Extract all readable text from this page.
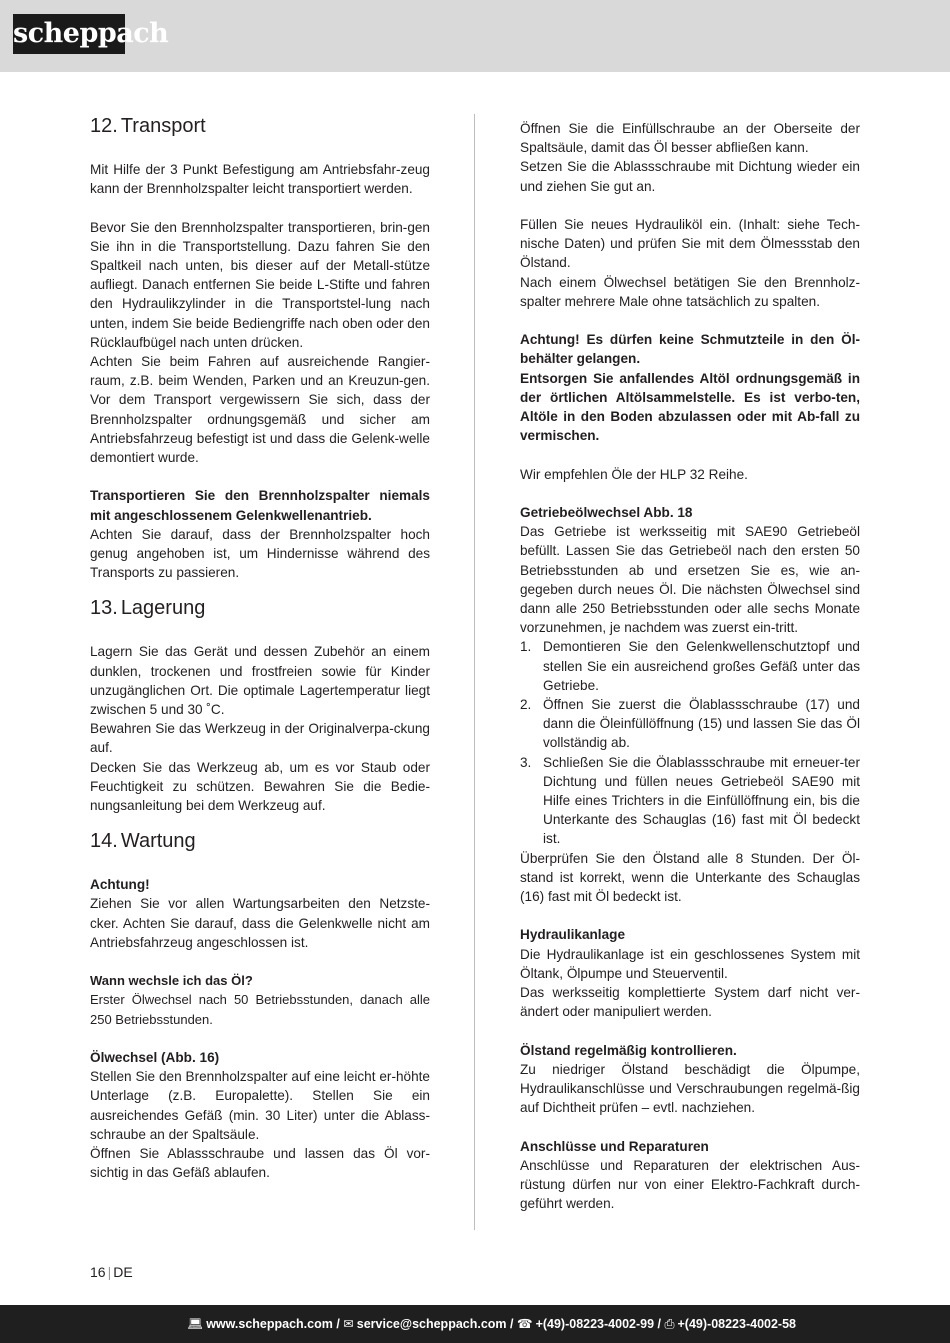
scheppach
12. Transport

Mit Hilfe der 3 Punkt Befestigung am Antriebsfahr-zeug kann der Brennholzspalter leicht transportiert werden.

Bevor Sie den Brennholzspalter transportieren, brin-gen Sie ihn in die Transportstellung. Dazu fahren Sie den Spaltkeil nach unten, bis dieser auf der Metall-stütze aufliegt. Danach entfernen Sie beide L-Stifte und fahren den Hydraulikzylinder in die Transportstel-lung nach unten, indem Sie beide Bediengriffe nach oben oder den Rücklaufbügel nach unten drücken.

Achten Sie beim Fahren auf ausreichende Rangier-raum, z.B. beim Wenden, Parken und an Kreuzun-gen. Vor dem Transport vergewissern Sie sich, dass der Brennholzspalter ordnungsgemäß und sicher am Antriebsfahrzeug befestigt ist und dass die Gelenk-welle demontiert wurde.

Transportieren Sie den Brennholzspalter niemals mit angeschlossenem Gelenkwellenantrieb.

Achten Sie darauf, dass der Brennholzspalter hoch genug angehoben ist, um Hindernisse während des Transports zu passieren.

13. Lagerung

Lagern Sie das Gerät und dessen Zubehör an einem dunklen, trockenen und frostfreien sowie für Kinder unzugänglichen Ort. Die optimale Lagertemperatur liegt zwischen 5 und 30 ˚C.

Bewahren Sie das Werkzeug in der Originalverpa-ckung auf.

Decken Sie das Werkzeug ab, um es vor Staub oder Feuchtigkeit zu schützen. Bewahren Sie die Bedie-nungsanleitung bei dem Werkzeug auf.

14. Wartung

Achtung!

Ziehen Sie vor allen Wartungsarbeiten den Netzste-cker. Achten Sie darauf, dass die Gelenkwelle nicht am Antriebsfahrzeug angeschlossen ist.

Wann wechsle ich das Öl?

Erster Ölwechsel nach 50 Betriebsstunden, danach alle 250 Betriebsstunden.

Ölwechsel (Abb. 16)

Stellen Sie den Brennholzspalter auf eine leicht er-höhte Unterlage (z.B. Europalette). Stellen Sie ein ausreichendes Gefäß (min. 30 Liter) unter die Ablass-schraube an der Spaltsäule.

Öffnen Sie Ablassschraube und lassen das Öl vor-sichtig in das Gefäß ablaufen.

Öffnen Sie die Einfüllschraube an der Oberseite der Spaltsäule, damit das Öl besser abfließen kann.

Setzen Sie die Ablassschraube mit Dichtung wieder ein und ziehen Sie gut an.

Füllen Sie neues Hydrauliköl ein. (Inhalt: siehe Tech-nische Daten) und prüfen Sie mit dem Ölmessstab den Ölstand.

Nach einem Ölwechsel betätigen Sie den Brennholz-spalter mehrere Male ohne tatsächlich zu spalten.

Achtung! Es dürfen keine Schmutzteile in den Öl-behälter gelangen.

Entsorgen Sie anfallendes Altöl ordnungsgemäß in der örtlichen Altölsammelstelle. Es ist verbo-ten, Altöle in den Boden abzulassen oder mit Ab-fall zu vermischen.

Wir empfehlen Öle der HLP 32 Reihe.

Getriebeölwechsel Abb. 18

Das Getriebe ist werksseitig mit SAE90 Getriebeöl befüllt. Lassen Sie das Getriebeöl nach den ersten 50 Betriebsstunden ab und ersetzen Sie es, wie an-gegeben durch neues Öl. Die nächsten Ölwechsel sind dann alle 250 Betriebsstunden oder alle sechs Monate vorzunehmen, je nachdem was zuerst ein-tritt.

1. Demontieren Sie den Gelenkwellenschutztopf und stellen Sie ein ausreichend großes Gefäß unter das Getriebe.
2. Öffnen Sie zuerst die Ölablassschraube (17) und dann die Öleinfüllöffnung (15) und lassen Sie das Öl vollständig ab.
3. Schließen Sie die Ölablassschraube mit erneuer-ter Dichtung und füllen neues Getriebeöl SAE90 mit Hilfe eines Trichters in die Einfüllöffnung ein, bis die Unterkante des Schauglas (16) fast mit Öl bedeckt ist.

Überprüfen Sie den Ölstand alle 8 Stunden. Der Öl-stand ist korrekt, wenn die Unterkante des Schauglas (16) fast mit Öl bedeckt ist.

Hydraulikanlage

Die Hydraulikanlage ist ein geschlossenes System mit Öltank, Ölpumpe und Steuerventil.

Das werksseitig komplettierte System darf nicht ver-ändert oder manipuliert werden.

Ölstand regelmäßig kontrollieren.

Zu niedriger Ölstand beschädigt die Ölpumpe, Hydraulikanschlüsse und Verschraubungen regelmä-ßig auf Dichtheit prüfen – evtl. nachziehen.

Anschlüsse und Reparaturen

Anschlüsse und Reparaturen der elektrischen Aus-rüstung dürfen nur von einer Elektro-Fachkraft durch-geführt werden.

16 | DE
💻︎ www.scheppach.com / ✉︎ service@scheppach.com / ☎︎ +(49)-08223-4002-99 / ⎙ +(49)-08223-4002-58
